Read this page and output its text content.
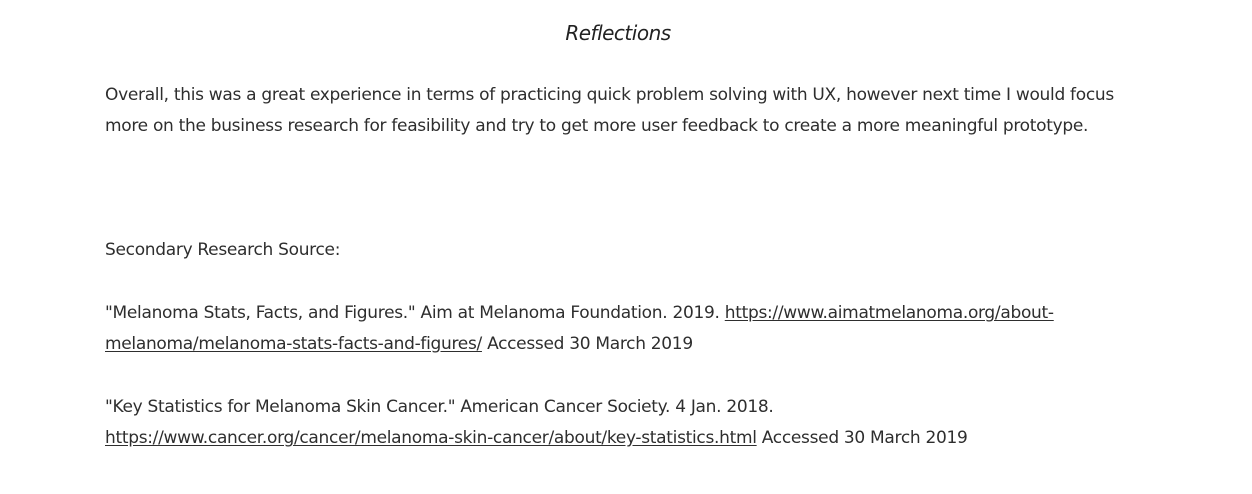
Reflections

Overall, this was a great experience in terms of practicing quick problem solving with UX, however next time I would focus more on the business research for feasibility and try to get more user feedback to create a more meaningful prototype.

Secondary Research Source:

"Melanoma Stats, Facts, and Figures." Aim at Melanoma Foundation. 2019. https://www.aimatmelanoma.org/about-melanoma/melanoma-stats-facts-and-figures/ Accessed 30 March 2019

"Key Statistics for Melanoma Skin Cancer." American Cancer Society. 4 Jan. 2018. https://www.cancer.org/cancer/melanoma-skin-cancer/about/key-statistics.html Accessed 30 March 2019
